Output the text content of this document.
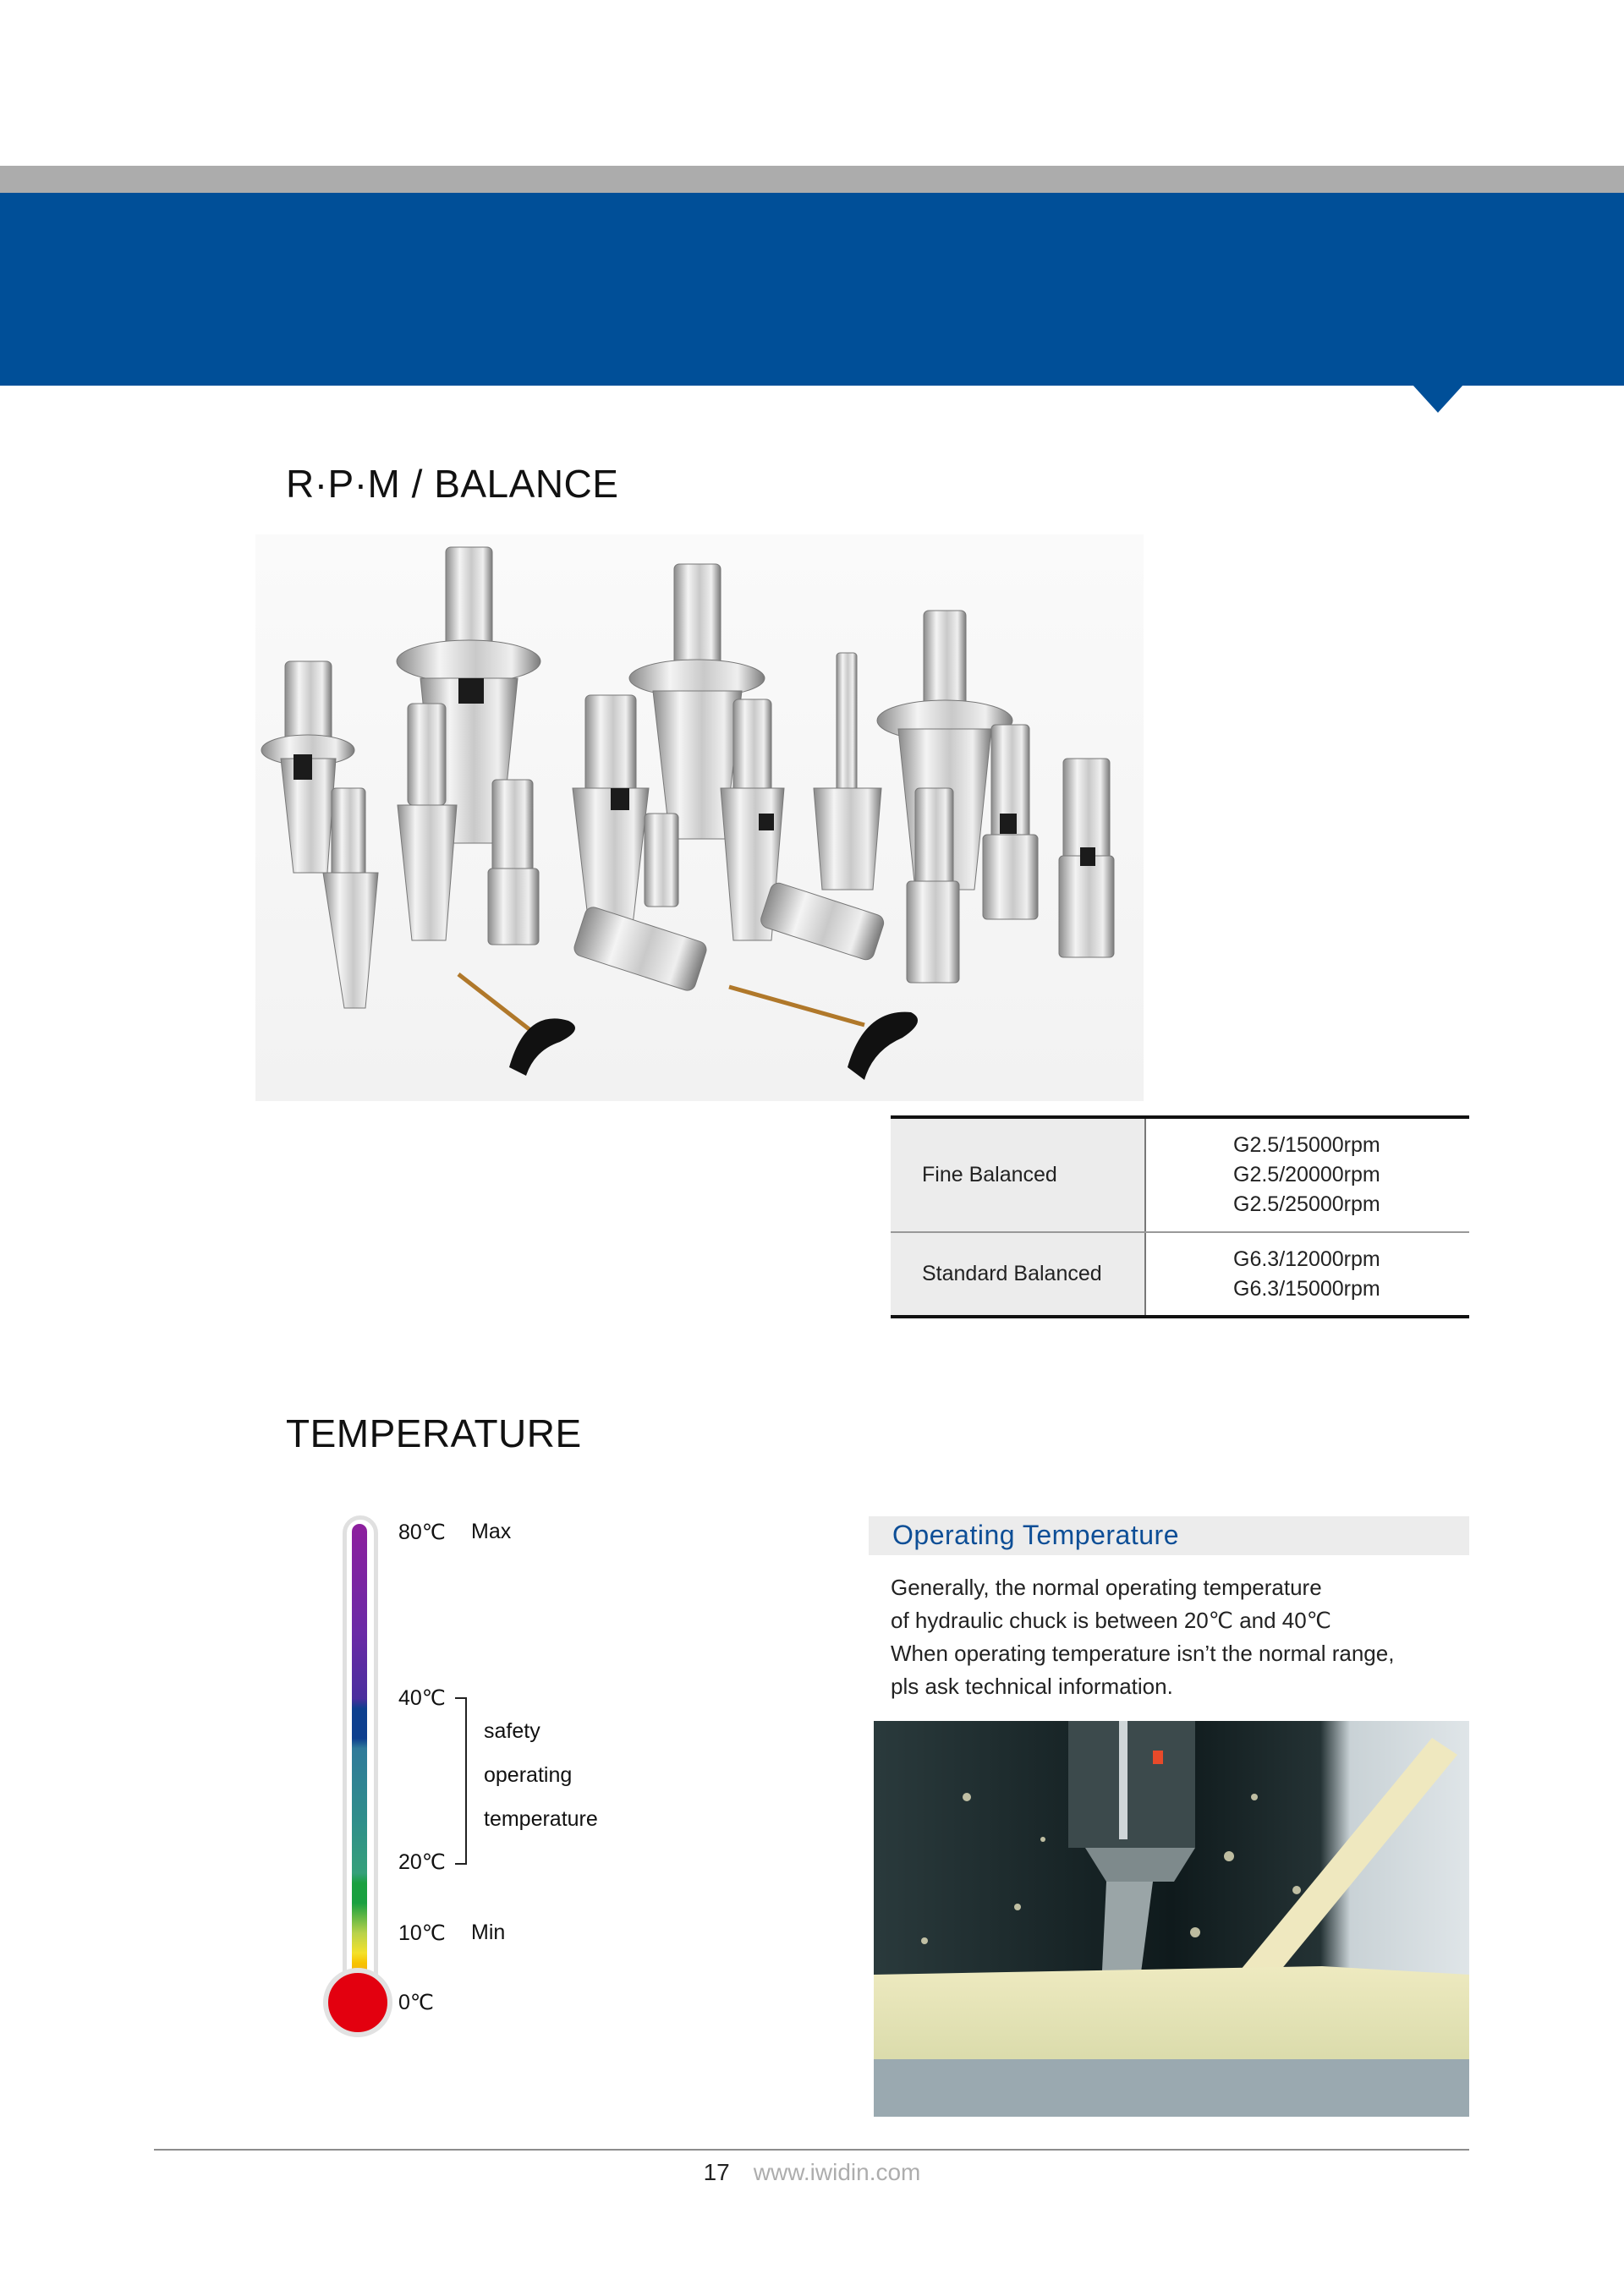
R·P·M / BALANCE
Fine Balanced
G2.5/15000rpm
G2.5/20000rpm
G2.5/25000rpm
Standard Balanced
G6.3/12000rpm
G6.3/15000rpm
TEMPERATURE
80℃ Max
40℃
20℃
10℃ Min
0℃
safety
operating
temperature
Operating Temperature
Generally, the normal operating temperature
of hydraulic chuck is between 20℃ and 40℃
When operating temperature isn’t the normal range,
pls ask technical information.
17 www.iwidin.com
